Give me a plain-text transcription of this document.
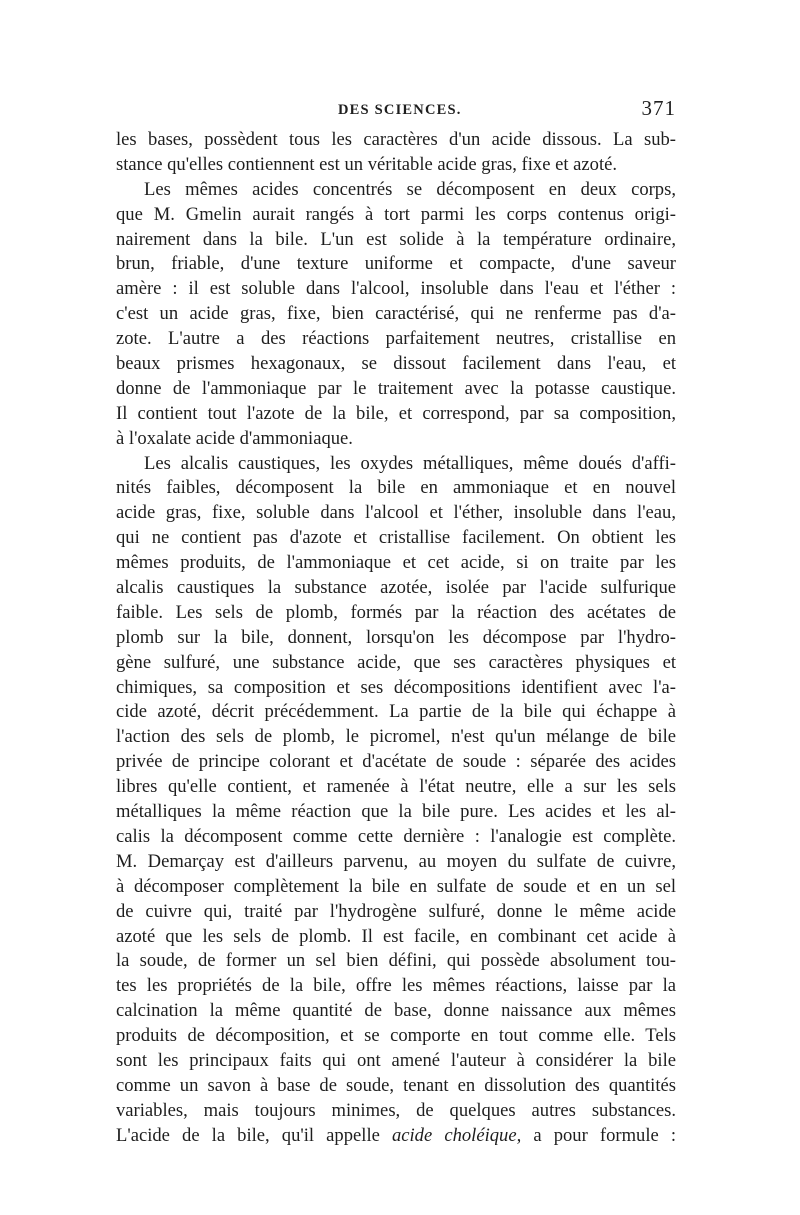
DES SCIENCES.	371
les bases, possèdent tous les caractères d'un acide dissous. La sub-
stance qu'elles contiennent est un véritable acide gras, fixe et azoté.
Les mêmes acides concentrés se décomposent en deux corps,
que M. Gmelin aurait rangés à tort parmi les corps contenus origi-
nairement dans la bile. L'un est solide à la température ordinaire,
brun, friable, d'une texture uniforme et compacte, d'une saveur
amère : il est soluble dans l'alcool, insoluble dans l'eau et l'éther :
c'est un acide gras, fixe, bien caractérisé, qui ne renferme pas d'a-
zote. L'autre a des réactions parfaitement neutres, cristallise en
beaux prismes hexagonaux, se dissout facilement dans l'eau, et
donne de l'ammoniaque par le traitement avec la potasse caustique.
Il contient tout l'azote de la bile, et correspond, par sa composition,
à l'oxalate acide d'ammoniaque.
Les alcalis caustiques, les oxydes métalliques, même doués d'affi-
nités faibles, décomposent la bile en ammoniaque et en nouvel
acide gras, fixe, soluble dans l'alcool et l'éther, insoluble dans l'eau,
qui ne contient pas d'azote et cristallise facilement. On obtient les
mêmes produits, de l'ammoniaque et cet acide, si on traite par les
alcalis caustiques la substance azotée, isolée par l'acide sulfurique
faible. Les sels de plomb, formés par la réaction des acétates de
plomb sur la bile, donnent, lorsqu'on les décompose par l'hydro-
gène sulfuré, une substance acide, que ses caractères physiques et
chimiques, sa composition et ses décompositions identifient avec l'a-
cide azoté, décrit précédemment. La partie de la bile qui échappe à
l'action des sels de plomb, le picromel, n'est qu'un mélange de bile
privée de principe colorant et d'acétate de soude : séparée des acides
libres qu'elle contient, et ramenée à l'état neutre, elle a sur les sels
métalliques la même réaction que la bile pure. Les acides et les al-
calis la décomposent comme cette dernière : l'analogie est complète.
M. Demarçay est d'ailleurs parvenu, au moyen du sulfate de cuivre,
à décomposer complètement la bile en sulfate de soude et en un sel
de cuivre qui, traité par l'hydrogène sulfuré, donne le même acide
azoté que les sels de plomb. Il est facile, en combinant cet acide à
la soude, de former un sel bien défini, qui possède absolument tou-
tes les propriétés de la bile, offre les mêmes réactions, laisse par la
calcination la même quantité de base, donne naissance aux mêmes
produits de décomposition, et se comporte en tout comme elle. Tels
sont les principaux faits qui ont amené l'auteur à considérer la bile
comme un savon à base de soude, tenant en dissolution des quantités
variables, mais toujours minimes, de quelques autres substances.
L'acide de la bile, qu'il appelle acide choléique, a pour formule :
